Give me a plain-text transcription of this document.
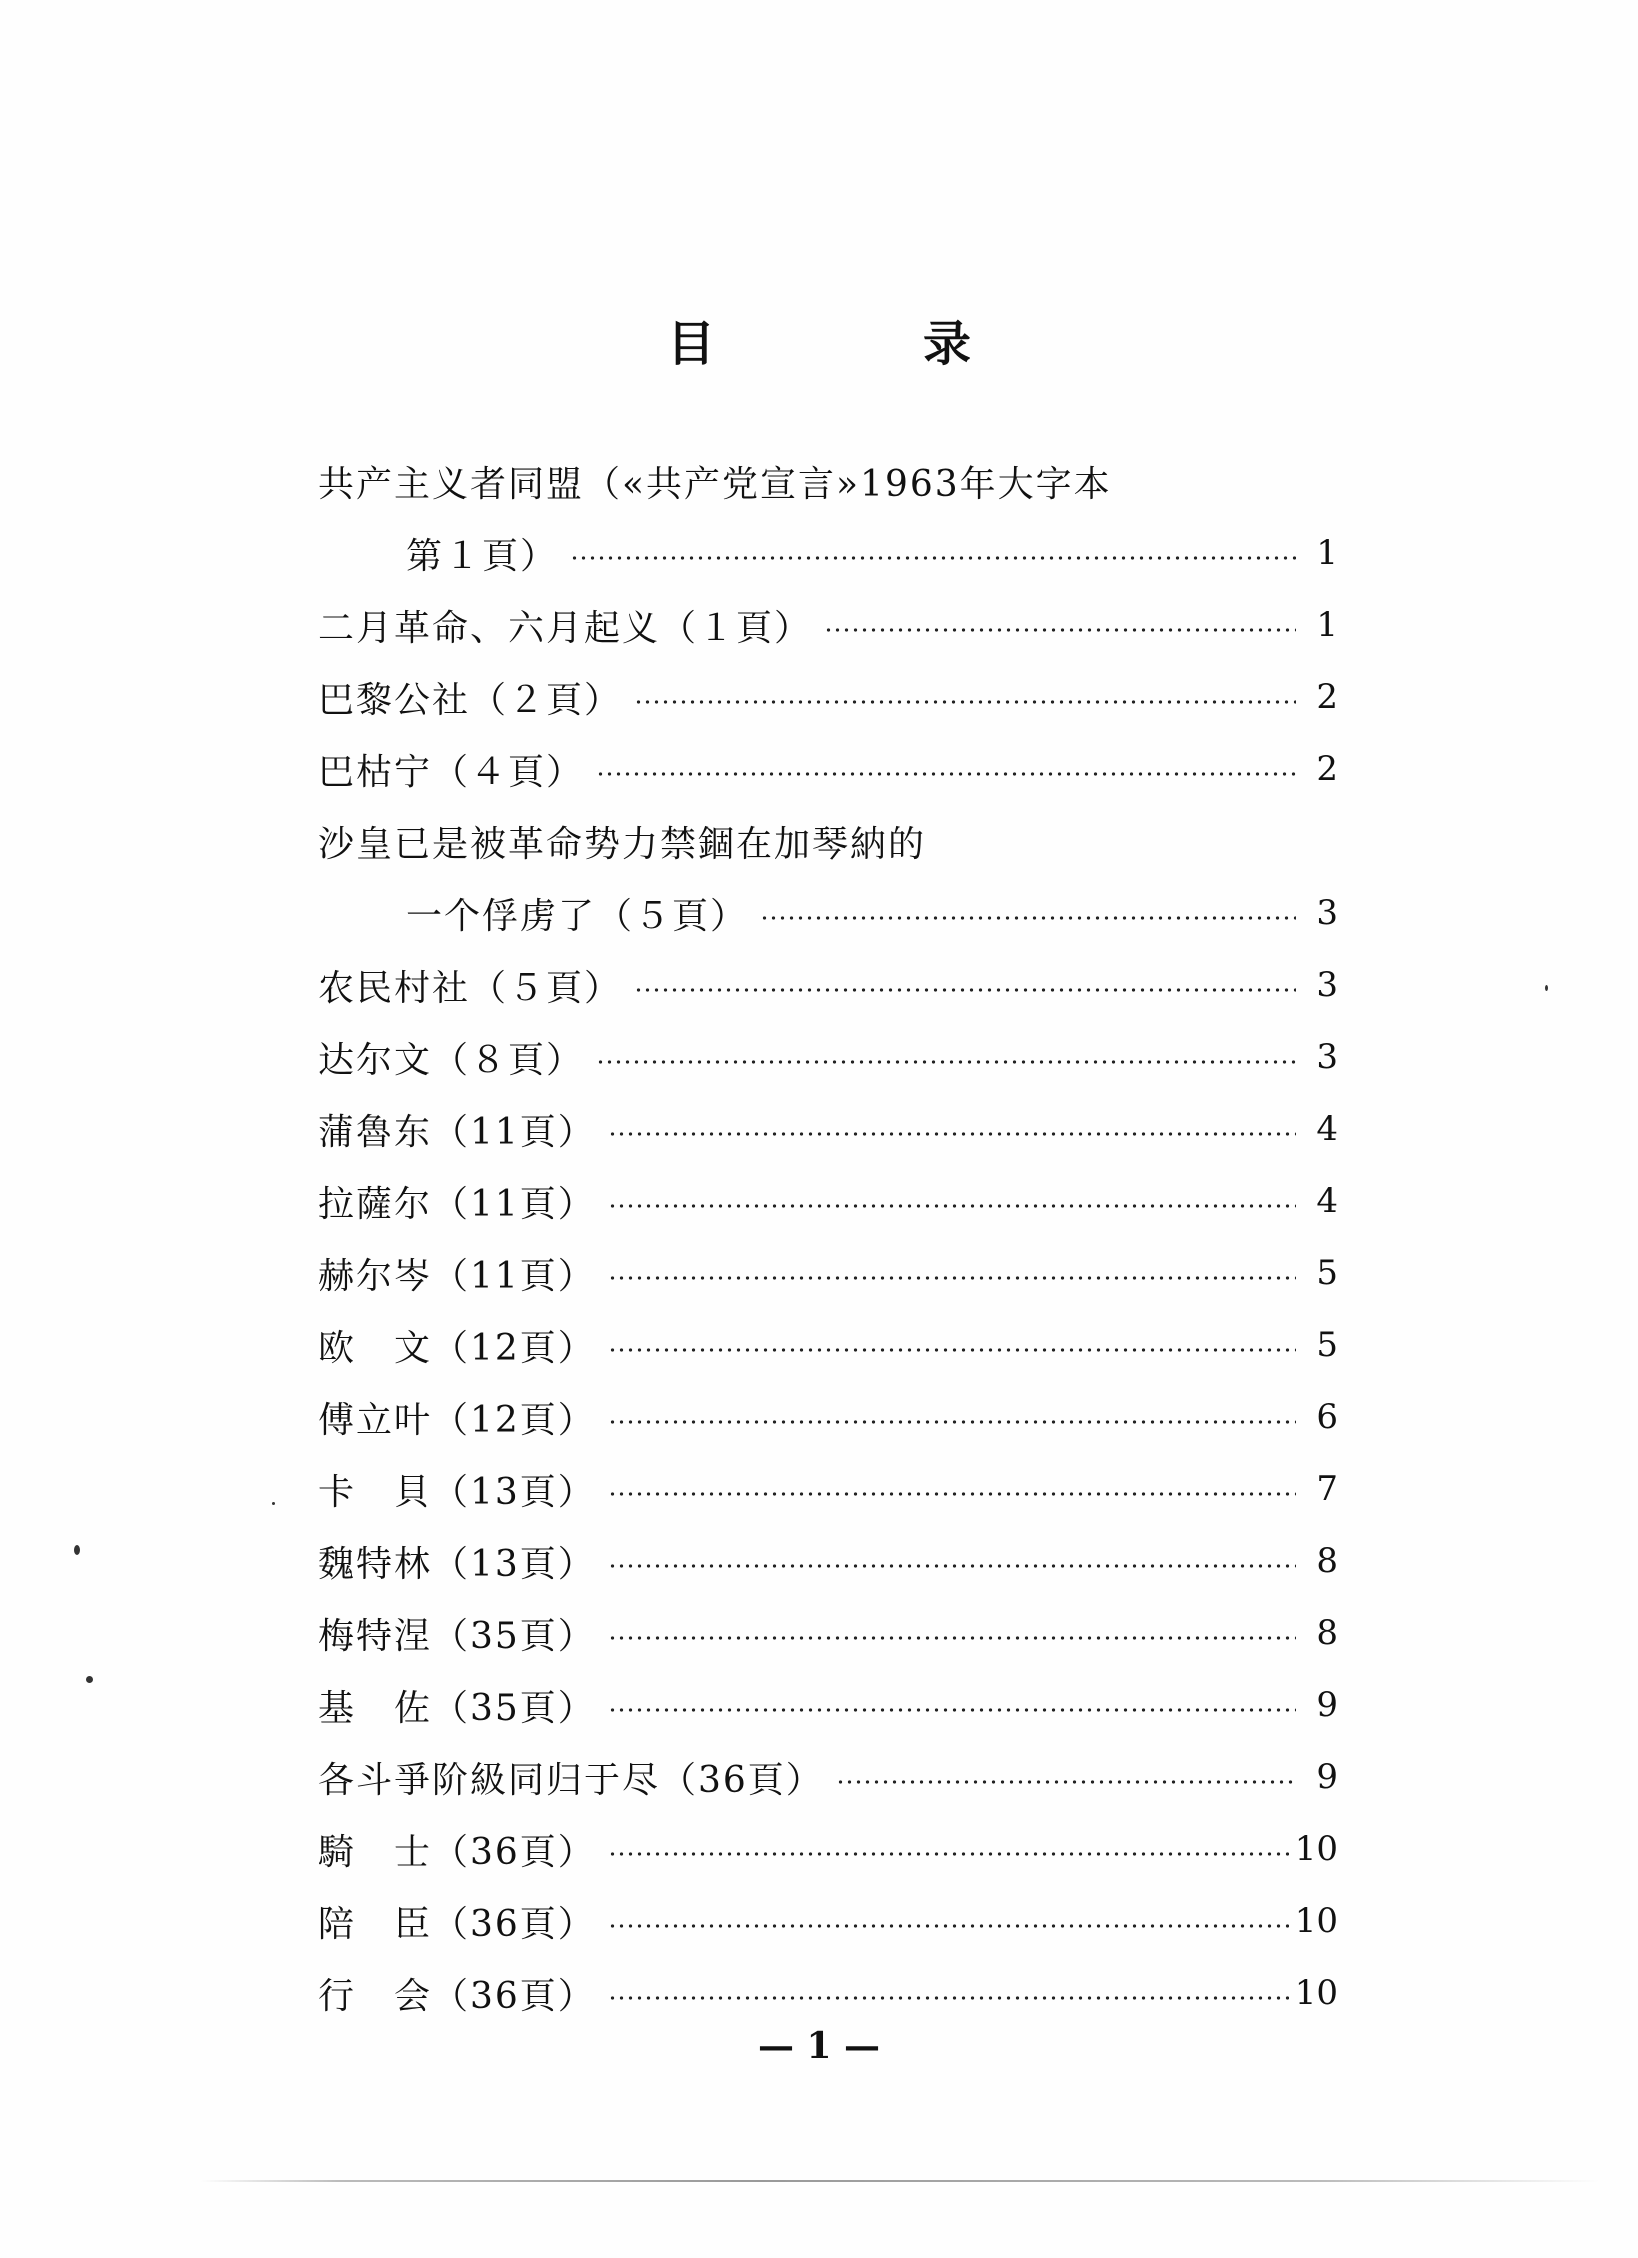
目　录
共产主义者同盟（«共产党宣言»1963年大字本
第１頁）	1
二月革命、六月起义（１頁）	1
巴黎公社（２頁）	2
巴枯宁（４頁）	2
沙皇已是被革命势力禁錮在加琴納的
一个俘虏了（５頁）	3
农民村社（５頁）	3
达尔文（８頁）	3
蒲魯东（11頁）	4
拉薩尔（11頁）	4
赫尔岑（11頁）	5
欧　文（12頁）	5
傅立叶（12頁）	6
卡　貝（13頁）	7
魏特林（13頁）	8
梅特涅（35頁）	8
基　佐（35頁）	9
各斗爭阶級同归于尽（36頁）	9
騎　士（36頁）	10
陪　臣（36頁）	10
行　会（36頁）	10
— 1 —
